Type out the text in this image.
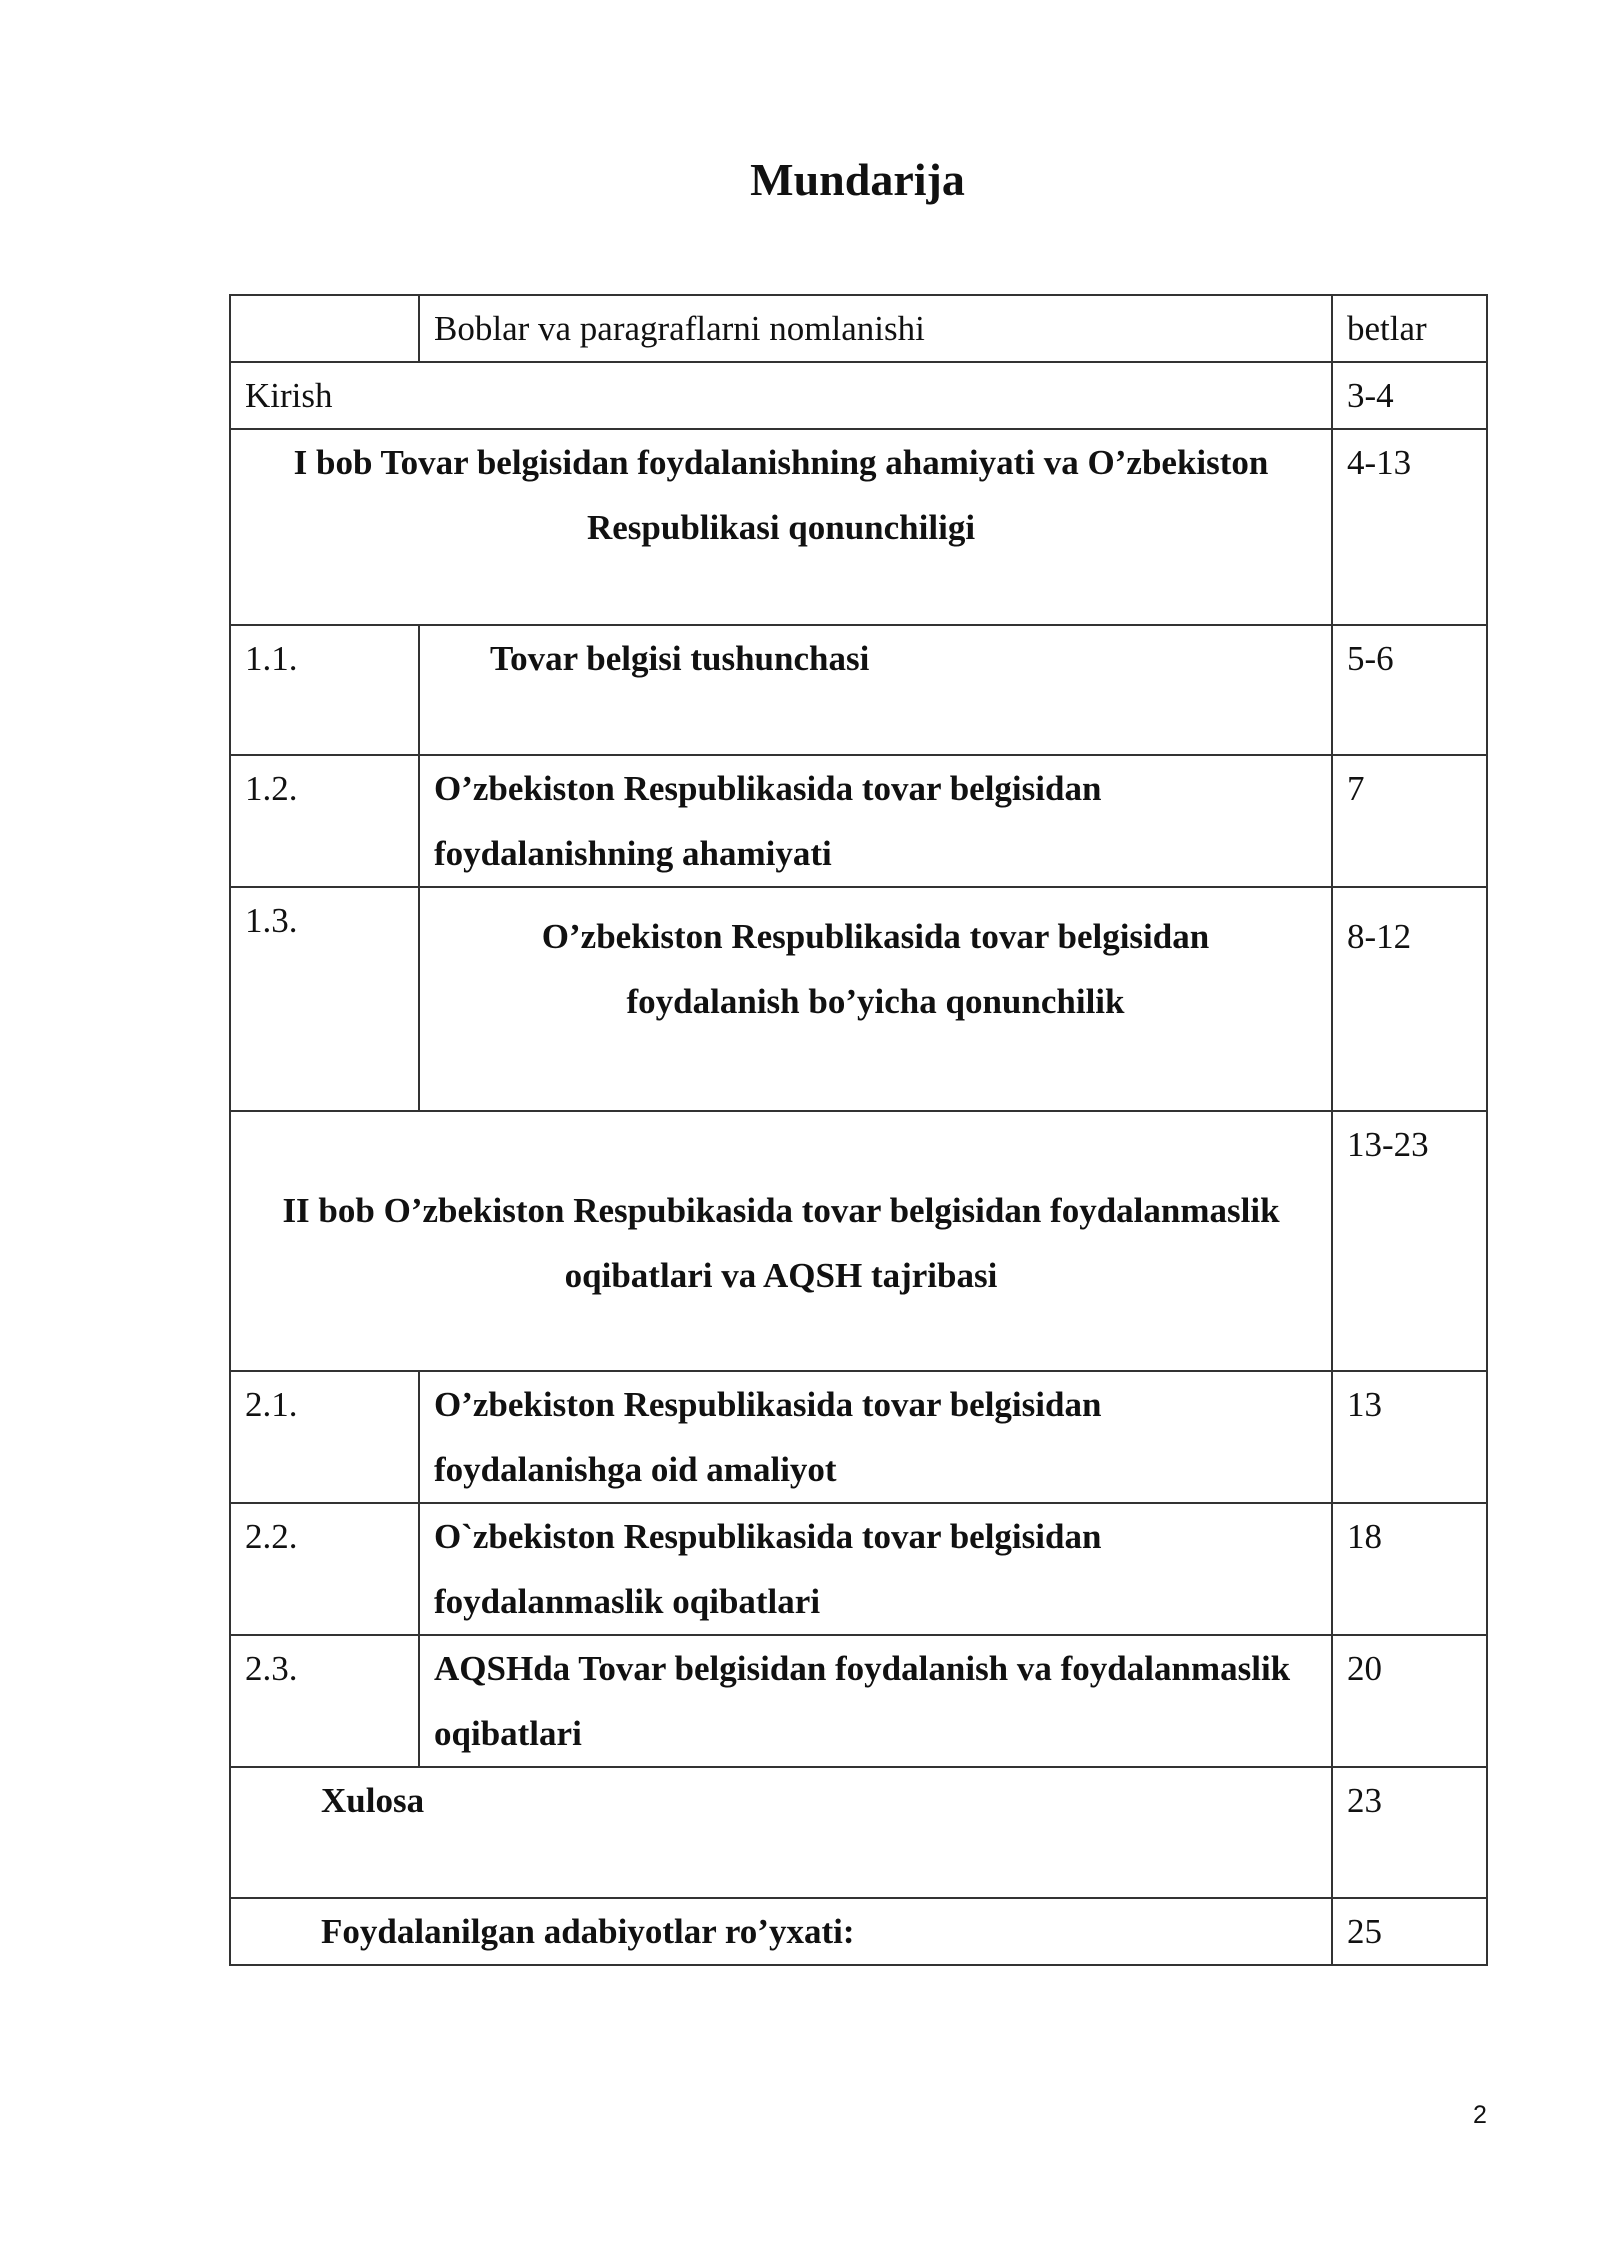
Mundarija
	Boblar va paragraflarni nomlanishi	betlar
Kirish		3-4
I bob Tovar belgisidan foydalanishning ahamiyati va O’zbekiston Respublikasi qonunchiligi		4-13
1.1.	Tovar belgisi tushunchasi	5-6
1.2.	O’zbekiston Respublikasida tovar belgisidan foydalanishning ahamiyati	7
1.3.	O’zbekiston Respublikasida tovar belgisidan foydalanish bo’yicha qonunchilik	8-12
II bob O’zbekiston Respubikasida tovar belgisidan foydalanmaslik oqibatlari va AQSH tajribasi		13-23
2.1.	O’zbekiston Respublikasida tovar belgisidan foydalanishga oid amaliyot	13
2.2.	O`zbekiston Respublikasida tovar belgisidan foydalanmaslik oqibatlari	18
2.3.	AQSHda Tovar belgisidan foydalanish va foydalanmaslik oqibatlari	20
Xulosa		23
Foydalanilgan adabiyotlar ro’yxati:		25
2
